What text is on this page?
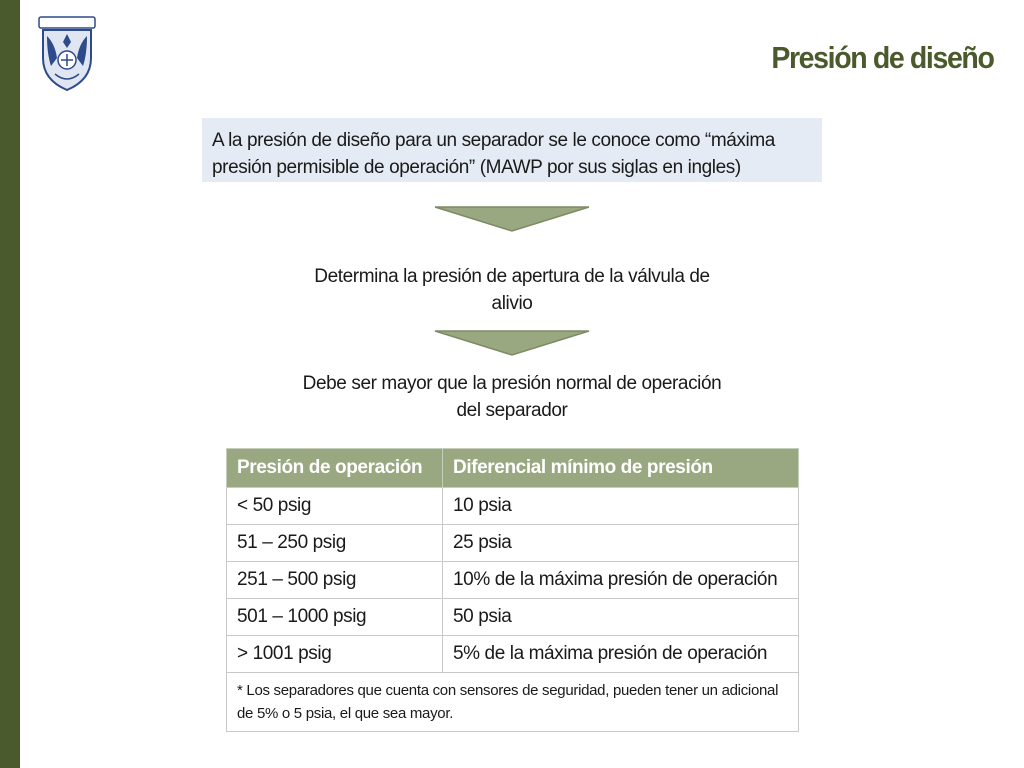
Presión de diseño
A la presión de diseño para un separador se le conoce como “máxima presión permisible de operación” (MAWP por sus siglas en ingles)
Determina la presión de apertura de la válvula de alivio
Debe ser mayor que la presión normal de operación del separador
Presión de operación	Diferencial mínimo de presión
< 50 psig	10 psia
51 – 250 psig	25 psia
251 – 500 psig	10% de la máxima presión de operación
501 – 1000 psig	50 psia
> 1001 psig	5% de la máxima presión de operación
* Los separadores que cuenta con sensores de seguridad, pueden tener un adicional de 5% o 5 psia, el que sea mayor.	
